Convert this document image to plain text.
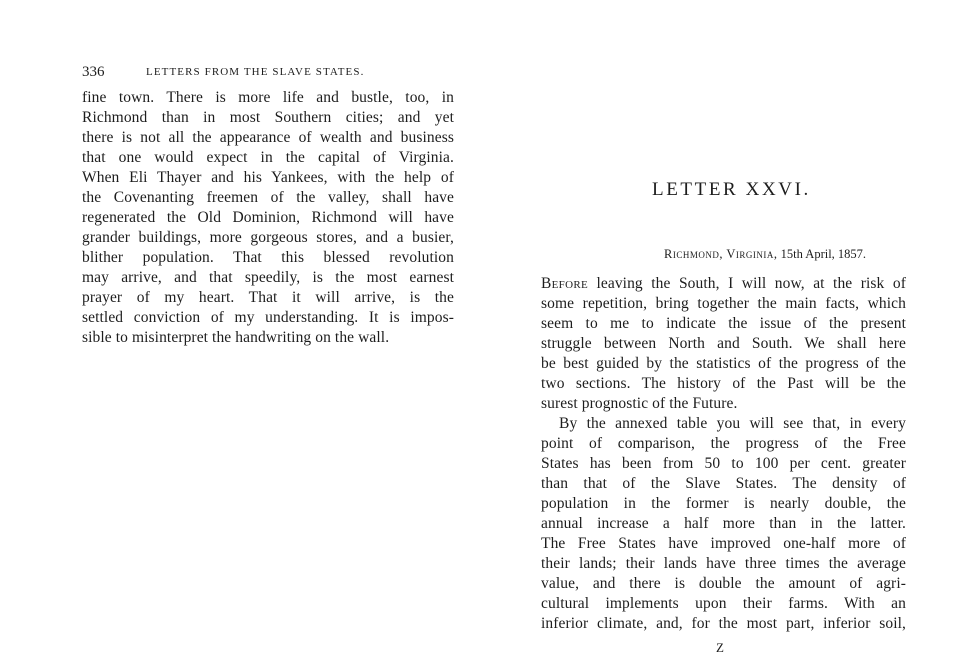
336	LETTERS FROM THE SLAVE STATES.
fine town. There is more life and bustle, too, in
Richmond than in most Southern cities; and yet
there is not all the appearance of wealth and business
that one would expect in the capital of Virginia.
When Eli Thayer and his Yankees, with the help of
the Covenanting freemen of the valley, shall have
regenerated the Old Dominion, Richmond will have
grander buildings, more gorgeous stores, and a busier,
blither population. That this blessed revolution
may arrive, and that speedily, is the most earnest
prayer of my heart. That it will arrive, is the
settled conviction of my understanding. It is impos-
sible to misinterpret the handwriting on the wall.
LETTER XXVI.
Richmond, Virginia, 15th April, 1857.
Before leaving the South, I will now, at the risk of
some repetition, bring together the main facts, which
seem to me to indicate the issue of the present
struggle between North and South. We shall here
be best guided by the statistics of the progress of the
two sections. The history of the Past will be the
surest prognostic of the Future.
By the annexed table you will see that, in every
point of comparison, the progress of the Free
States has been from 50 to 100 per cent. greater
than that of the Slave States. The density of
population in the former is nearly double, the
annual increase a half more than in the latter.
The Free States have improved one-half more of
their lands; their lands have three times the average
value, and there is double the amount of agri-
cultural implements upon their farms. With an
inferior climate, and, for the most part, inferior soil,
Z
